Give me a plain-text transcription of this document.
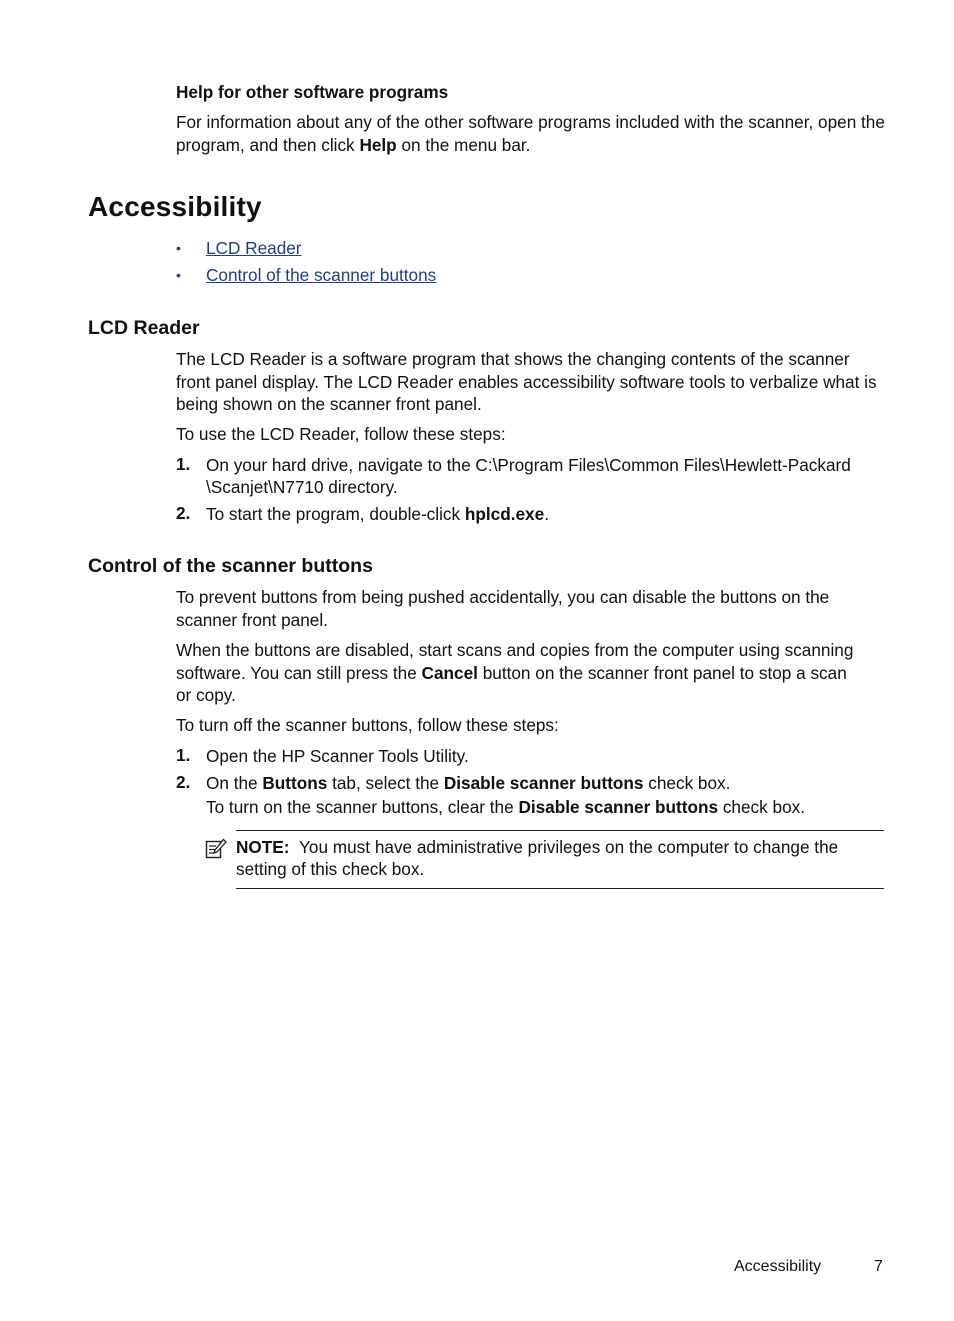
Help for other software programs
For information about any of the other software programs included with the scanner, open the program, and then click Help on the menu bar.
Accessibility
• LCD Reader
• Control of the scanner buttons
LCD Reader
The LCD Reader is a software program that shows the changing contents of the scanner front panel display. The LCD Reader enables accessibility software tools to verbalize what is being shown on the scanner front panel.
To use the LCD Reader, follow these steps:
1. On your hard drive, navigate to the C:\Program Files\Common Files\Hewlett-Packard
\Scanjet\N7710 directory.
2. To start the program, double-click hplcd.exe.
Control of the scanner buttons
To prevent buttons from being pushed accidentally, you can disable the buttons on the scanner front panel.
When the buttons are disabled, start scans and copies from the computer using scanning
software. You can still press the Cancel button on the scanner front panel to stop a scan
or copy.
To turn off the scanner buttons, follow these steps:
1. Open the HP Scanner Tools Utility.
2. On the Buttons tab, select the Disable scanner buttons check box.
To turn on the scanner buttons, clear the Disable scanner buttons check box.
NOTE: You must have administrative privileges on the computer to change the
setting of this check box.
Accessibility	7
